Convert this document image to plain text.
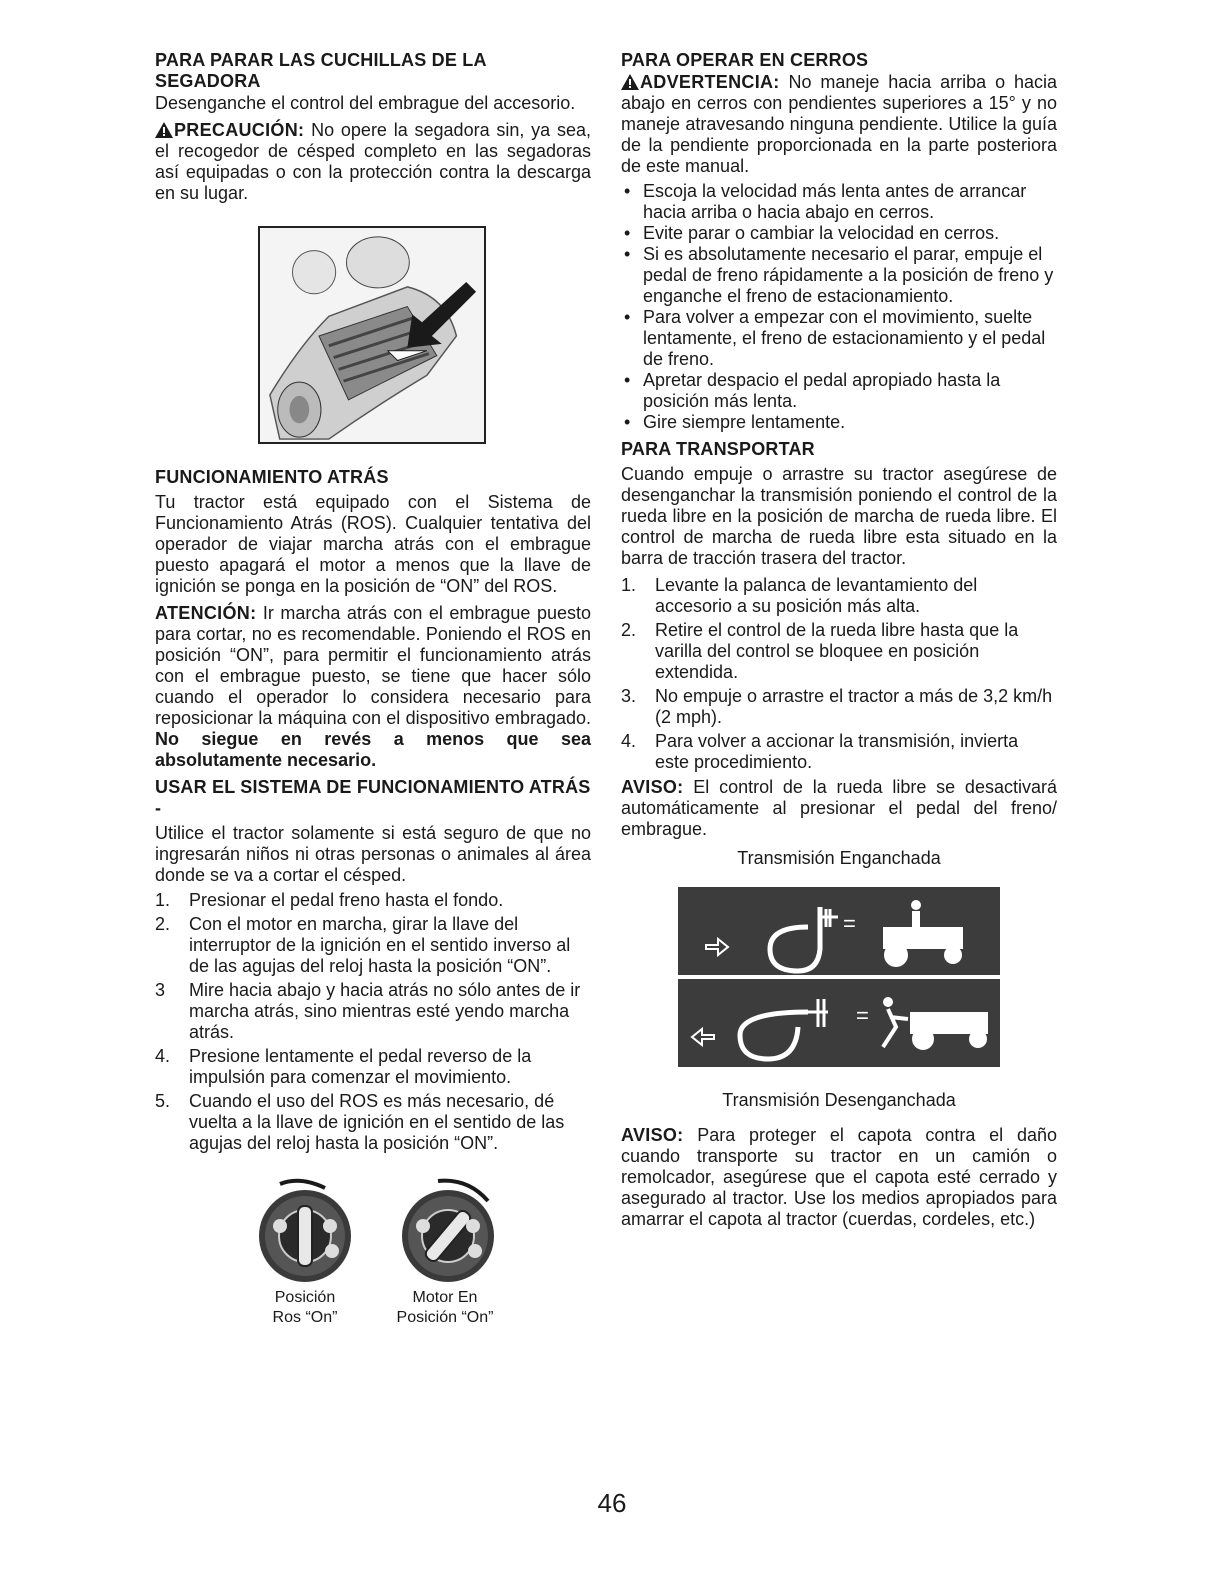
PARA PARAR LAS CUCHILLAS DE LA SEGADORA

Desenganche el control del embrague del accesorio.

PRECAUCIÓN: No opere la segadora sin, ya sea, el recogedor de césped completo en las segadoras así equipadas o con la protección contra la descarga en su lugar.

FUNCIONAMIENTO ATRÁS

Tu tractor está equipado con el Sistema de Funcionamiento Atrás (ROS). Cualquier tentativa del operador de viajar marcha atrás con el embrague puesto apagará el motor a menos que la llave de ignición se ponga en la posición de “ON” del ROS.

ATENCIÓN: Ir marcha atrás con el embrague puesto para cortar, no es recomendable. Poniendo el ROS en posición “ON”, para permitir el funcionamiento atrás con el embrague puesto, se tiene que hacer sólo cuando el operador lo considera necesario para reposicionar la máquina con el dispositivo embragado. No siegue en revés a menos que sea absolutamente necesario.

USAR EL SISTEMA DE FUNCIONAMIENTO ATRÁS -

Utilice el tractor solamente si está seguro de que no ingresarán niños ni otras personas o animales al área donde se va a cortar el césped.

1.	Presionar el pedal freno hasta el fondo.
2.	Con el motor en marcha, girar la llave del interruptor de la ignición en el sentido inverso al de las agujas del reloj hasta la posición “ON”.
3	Mire hacia abajo y hacia atrás no sólo antes de ir marcha atrás, sino mientras esté yendo marcha atrás.
4.	Presione lentamente el pedal reverso de la impulsión para comenzar el movimiento.
5.	Cuando el uso del ROS es más necesario, dé vuelta a la llave de ignición en el sentido de las agujas del reloj hasta la posición “ON”.
Posición
Ros “On”
Motor En
Posición “On”
PARA OPERAR EN CERROS

ADVERTENCIA: No maneje hacia arriba o hacia abajo en cerros con pendientes superiores a 15° y no maneje atravesando ninguna pendiente. Utilice la guía de la pendiente proporcionada en la parte posteriora de este manual.

• Escoja la velocidad más lenta antes de arrancar hacia arriba o hacia abajo en cerros.
• Evite parar o cambiar la velocidad en cerros.
• Si es absolutamente necesario el parar, empuje el pedal de freno rápidamente a la posición de freno y enganche el freno de estacionamiento.
• Para volver a empezar con el movimiento, suelte lentamente, el freno de estacionamiento y el pedal de freno.
• Apretar despacio el pedal apropiado hasta la posición más lenta.
• Gire siempre lentamente.
PARA TRANSPORTAR

Cuando empuje o arrastre su tractor asegúrese de desenganchar la transmisión poniendo el control de la rueda libre en la posición de marcha de rueda libre. El control de marcha de rueda libre esta situado en la barra de tracción trasera del tractor.

1.	Levante la palanca de levantamiento del accesorio a su posición más alta.
2.	Retire el control de la rueda libre hasta que la varilla del control se bloquee en posición extendida.
3.	No empuje o arrastre el tractor a más de 3,2 km/h (2 mph).
4.	Para volver a accionar la transmisión, invierta este procedimiento.

AVISO: El control de la rueda libre se desactivará automáticamente al presionar el pedal del freno/ embrague.

Transmisión Enganchada
=
=
Transmisión Desenganchada

AVISO: Para proteger el capota contra el daño cuando transporte su tractor en un camión o remolcador, asegúrese que el capota esté cerrado y asegurado al tractor. Use los medios apropiados para amarrar el capota al tractor (cuerdas, cordeles, etc.)

46
